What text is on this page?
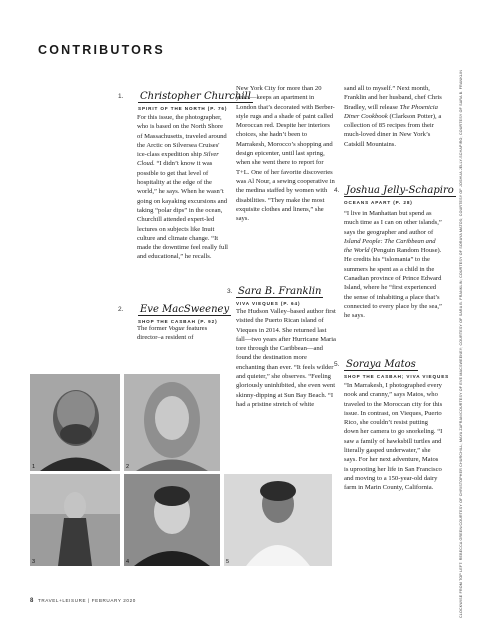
CONTRIBUTORS
1. Christopher Churchill
SPIRIT OF THE NORTH (P. 76)

For this issue, the photographer, who is based on the North Shore of Massachusetts, traveled around the Arctic on Silversea Cruises' ice-class expedition ship Silver Cloud. “I didn’t know it was possible to get that level of hospitality at the edge of the world,” he says. When he wasn’t going on kayaking excursions and taking “polar dips” in the ocean, Churchill attended expert-led lectures on subjects like Inuit culture and climate change. “It made the downtime feel really full and educational,” he recalls.

2. Eve MacSweeney
SHOP THE CASBAH (P. 92)

The former Vogue features director–a resident of

New York City for more than 20 years—keeps an apartment in London that’s decorated with Berber-style rugs and a shade of paint called Moroccan red. Despite her interiors choices, she hadn’t been to Marrakesh, Morocco’s shopping and design epicenter, until last spring, when she went there to report for T+L. One of her favorite discoveries was Al Nour, a sewing cooperative in the medina staffed by women with disabilities. “They make the most exquisite clothes and linens,” she says.

3. Sara B. Franklin
VIVA VIEQUES (P. 64)

The Hudson Valley–based author first visited the Puerto Rican island of Vieques in 2014. She returned last fall—two years after Hurricane Maria tore through the Caribbean—and found the destination more enchanting than ever. “It feels wilder and quieter,” she observes. “Feeling gloriously uninhibited, she even went skinny-dipping at Sun Bay Beach. “I had a pristine stretch of white

sand all to myself.” Next month, Franklin and her husband, chef Chris Bradley, will release The Phoenicia Diner Cookbook (Clarkson Potter), a collection of 85 recipes from their much-loved diner in New York’s Catskill Mountains.

4. Joshua Jelly-Schapiro
OCEANS APART (P. 28)

“I live in Manhattan but spend as much time as I can on other islands,” says the geographer and author of Island People: The Caribbean and the World (Penguin Random House). He credits his “islomania” to the summers he spent as a child in the Canadian province of Prince Edward Island, where he “first experienced the sense of inhabiting a place that’s connected to every place by the sea,” he says.

5. Soraya Matos
SHOP THE CASBAH; VIVA VIEQUES

“In Marrakesh, I photographed every nook and cranny,” says Matos, who traveled to the Moroccan city for this issue. In contrast, on Vieques, Puerto Rico, she couldn’t resist putting down her camera to go snorkeling. “I saw a family of hawksbill turtles and literally gasped underwater,” she says. For her next adventure, Matos is uprooting her life in San Francisco and moving to a 150-year-old dairy farm in Marin County, California.

1	2
3	4	5
8 TRAVEL+LEISURE | FEBRUARY 2020	CLOCKWISE FROM TOP LEFT: REBECCA GREEN/COURTESY OF CHRISTOPHER CHURCHILL; MAYA ZAFRAN/COURTESY OF EVE MACSWEENEY; COURTESY OF SARA B. FRANKLIN; COURTESY OF SORAYA MATOS; COURTESY OF JOSHUA JELLY-SCHAPIRO; COURTESY OF SARA B. FRANKLIN
